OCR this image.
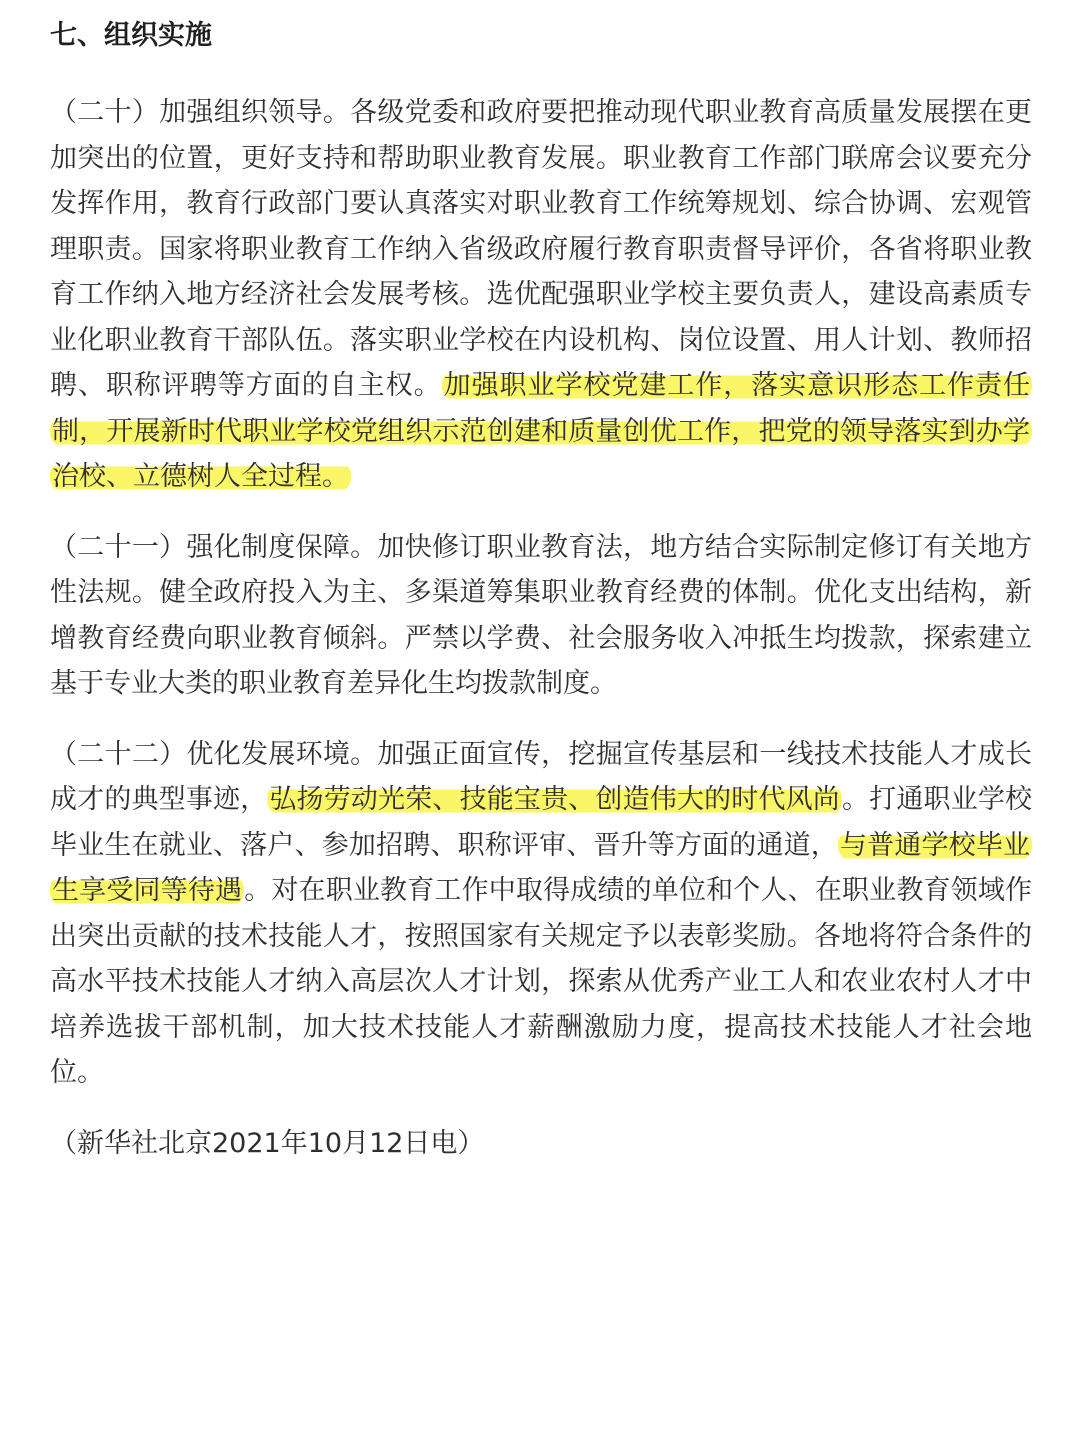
七、组织实施

（二十）加强组织领导。各级党委和政府要把推动现代职业教育高质量发展摆在更加突出的位置，更好支持和帮助职业教育发展。职业教育工作部门联席会议要充分发挥作用，教育行政部门要认真落实对职业教育工作统筹规划、综合协调、宏观管理职责。国家将职业教育工作纳入省级政府履行教育职责督导评价，各省将职业教育工作纳入地方经济社会发展考核。选优配强职业学校主要负责人，建设高素质专业化职业教育干部队伍。落实职业学校在内设机构、岗位设置、用人计划、教师招聘、职称评聘等方面的自主权。加强职业学校党建工作，落实意识形态工作责任制，开展新时代职业学校党组织示范创建和质量创优工作，把党的领导落实到办学治校、立德树人全过程。

（二十一）强化制度保障。加快修订职业教育法，地方结合实际制定修订有关地方性法规。健全政府投入为主、多渠道筹集职业教育经费的体制。优化支出结构，新增教育经费向职业教育倾斜。严禁以学费、社会服务收入冲抵生均拨款，探索建立基于专业大类的职业教育差异化生均拨款制度。

（二十二）优化发展环境。加强正面宣传，挖掘宣传基层和一线技术技能人才成长成才的典型事迹，弘扬劳动光荣、技能宝贵、创造伟大的时代风尚。打通职业学校毕业生在就业、落户、参加招聘、职称评审、晋升等方面的通道，与普通学校毕业生享受同等待遇。对在职业教育工作中取得成绩的单位和个人、在职业教育领域作出突出贡献的技术技能人才，按照国家有关规定予以表彰奖励。各地将符合条件的高水平技术技能人才纳入高层次人才计划，探索从优秀产业工人和农业农村人才中培养选拔干部机制，加大技术技能人才薪酬激励力度，提高技术技能人才社会地位。

（新华社北京2021年10月12日电）
